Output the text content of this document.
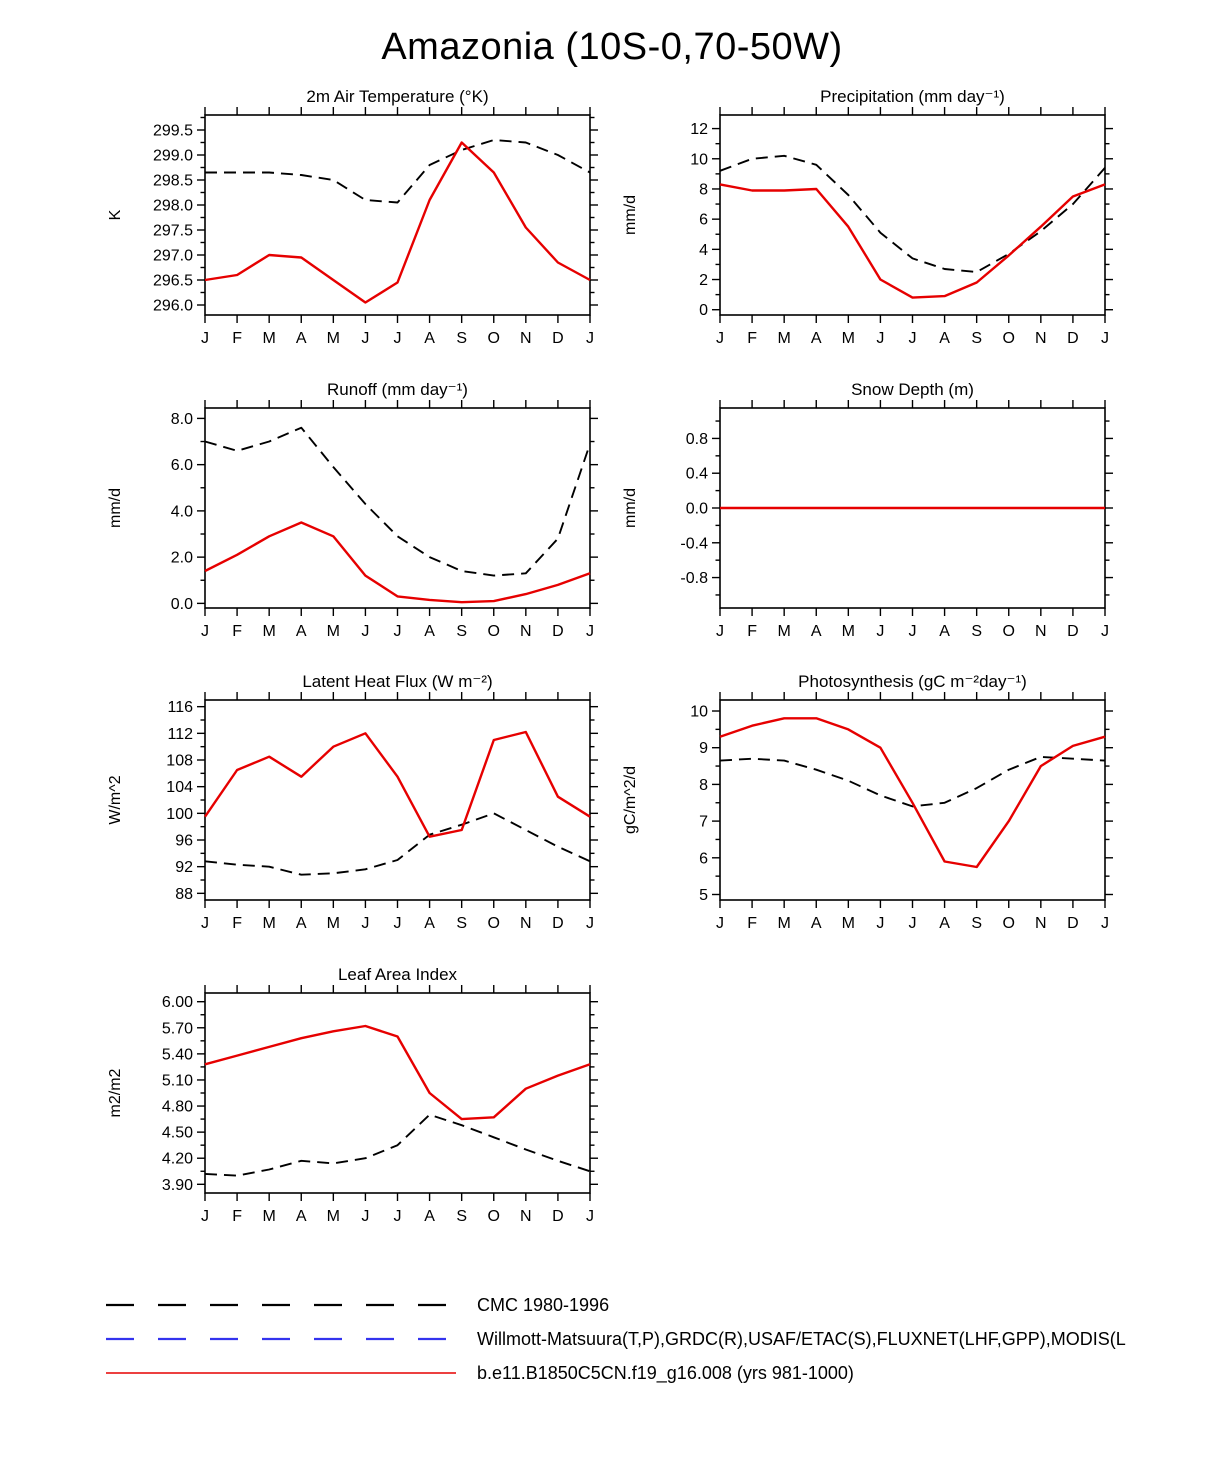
Amazonia (10S-0,70-50W)
2m Air Temperature (°K)
K
J F M A M J J A S O N D J
296.0
296.5
297.0
297.5
298.0
298.5
299.0
299.5
Precipitation (mm day⁻¹)
mm/d
J F M A M J J A S O N D J
0
2
4
6
8
10
12
Runoff (mm day⁻¹)
mm/d
J F M A M J J A S O N D J
0.0
2.0
4.0
6.0
8.0
Snow Depth (m)
mm/d
J F M A M J J A S O N D J
-0.8
-0.4
0.0
0.4
0.8
Latent Heat Flux (W m⁻²)
W/m^2
J F M A M J J A S O N D J
88
92
96
100
104
108
112
116
Photosynthesis (gC m⁻²day⁻¹)
gC/m^2/d
J F M A M J J A S O N D J
5
6
7
8
9
10
Leaf Area Index
m2/m2
J F M A M J J A S O N D J
3.90
4.20
4.50
4.80
5.10
5.40
5.70
6.00
CMC 1980-1996
Willmott-Matsuura(T,P),GRDC(R),USAF/ETAC(S),FLUXNET(LHF,GPP),MODIS(L
b.e11.B1850C5CN.f19_g16.008 (yrs 981-1000)
